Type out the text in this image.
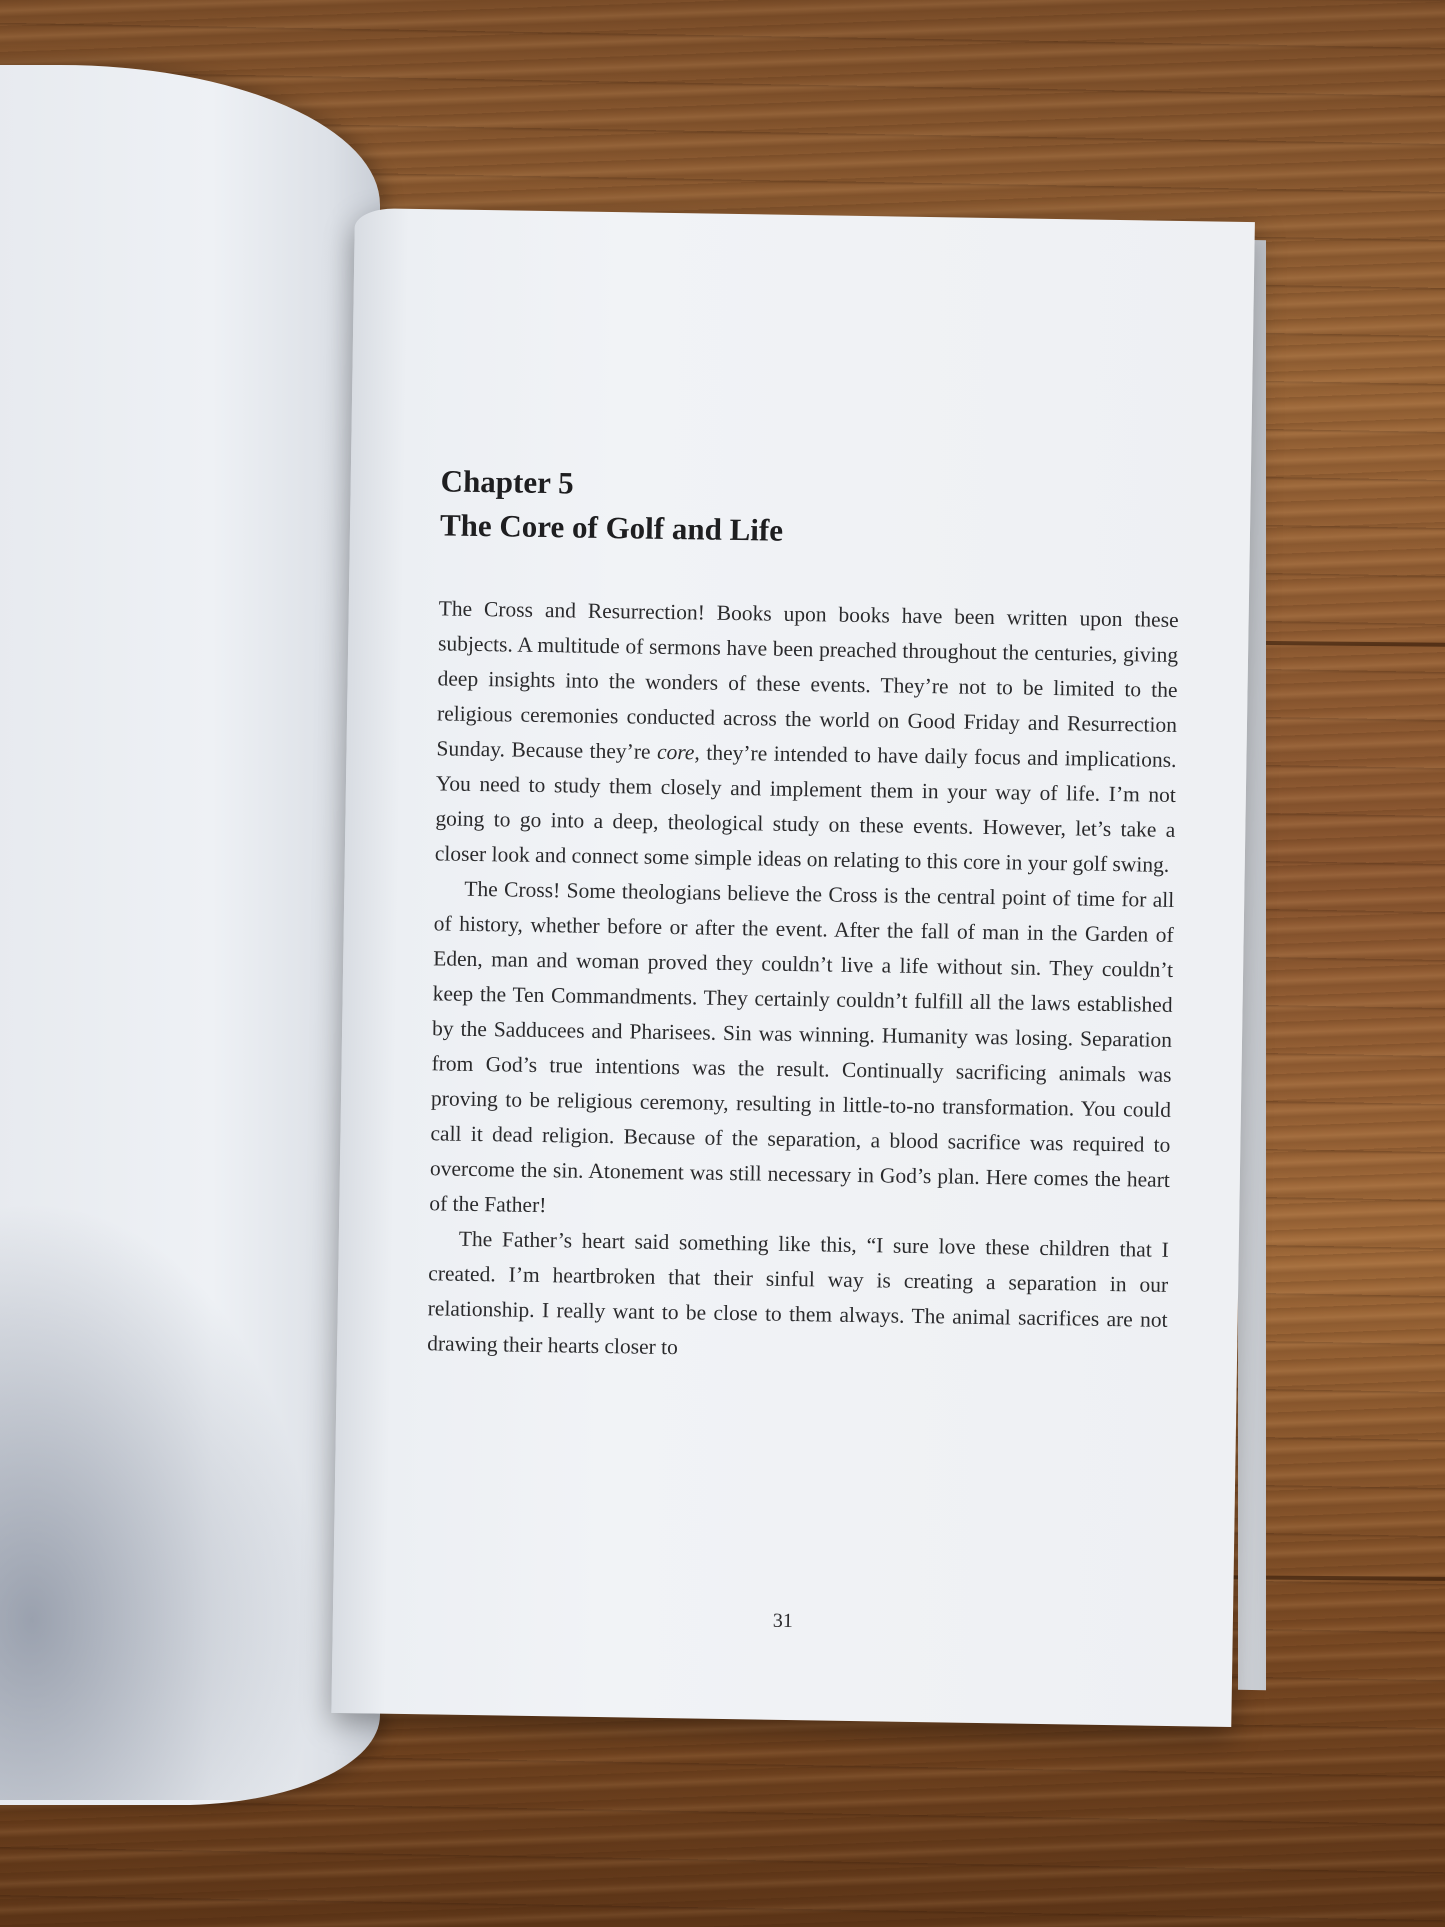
Chapter 5
The Core of Golf and Life

The Cross and Resurrection! Books upon books have been written upon these subjects. A multitude of sermons have been preached throughout the centuries, giving deep insights into the wonders of these events. They’re not to be limited to the religious ceremonies conducted across the world on Good Friday and Resurrection Sunday. Because they’re core, they’re intended to have daily focus and implications. You need to study them closely and implement them in your way of life. I’m not going to go into a deep, theological study on these events. However, let’s take a closer look and connect some simple ideas on relating to this core in your golf swing.

The Cross! Some theologians believe the Cross is the central point of time for all of history, whether before or after the event. After the fall of man in the Garden of Eden, man and woman proved they couldn’t live a life without sin. They couldn’t keep the Ten Commandments. They certainly couldn’t fulfill all the laws established by the Sadducees and Pharisees. Sin was winning. Humanity was losing. Separation from God’s true intentions was the result. Continually sacrificing animals was proving to be religious ceremony, resulting in little-to-no transformation. You could call it dead religion. Because of the separation, a blood sacrifice was required to overcome the sin. Atonement was still necessary in God’s plan. Here comes the heart of the Father!

The Father’s heart said something like this, “I sure love these children that I created. I’m heartbroken that their sinful way is creating a separation in our relationship. I really want to be close to them always. The animal sacrifices are not drawing their hearts closer to

31
